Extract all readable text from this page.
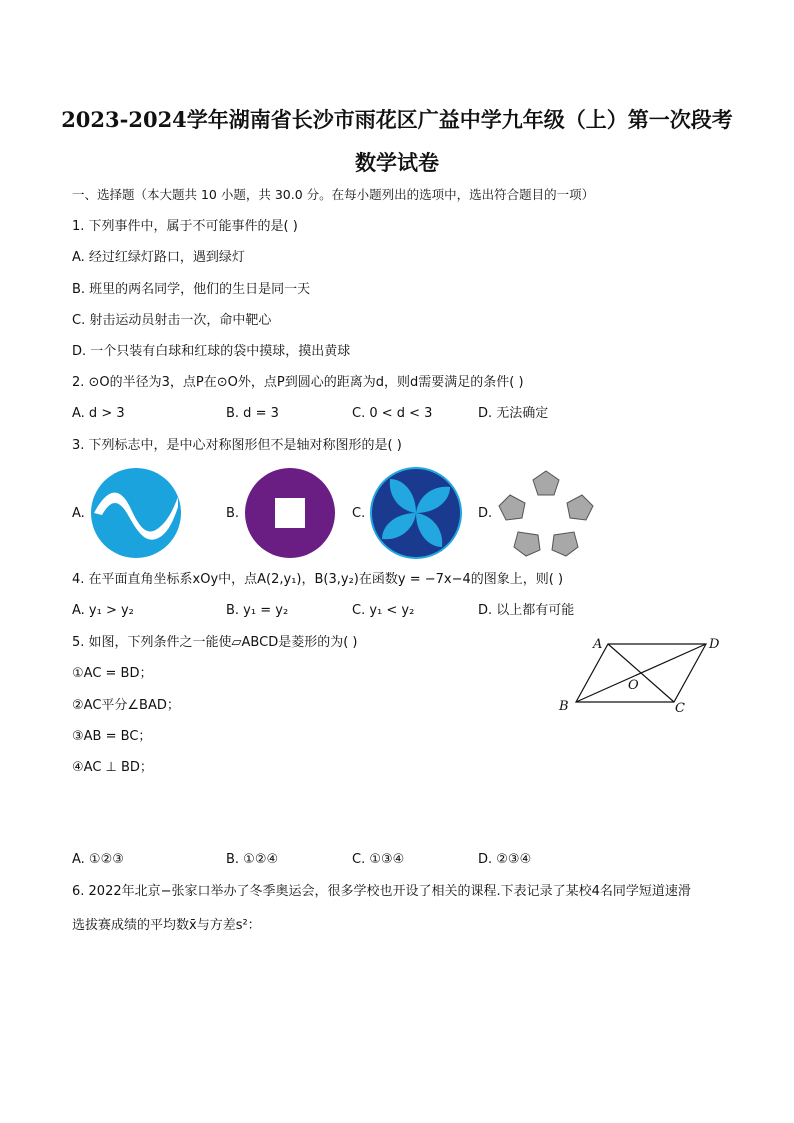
2023-2024学年湖南省长沙市雨花区广益中学九年级（上）第一次段考
数学试卷
一、选择题（本大题共 10 小题，共 30.0 分。在每小题列出的选项中，选出符合题目的一项）
1. 下列事件中，属于不可能事件的是( )
A. 经过红绿灯路口，遇到绿灯
B. 班里的两名同学，他们的生日是同一天
C. 射击运动员射击一次，命中靶心
D. 一个只装有白球和红球的袋中摸球，摸出黄球
2. ⊙O的半径为3，点P在⊙O外，点P到圆心的距离为d，则d需要满足的条件( )
A. d > 3	B. d = 3	C. 0 < d < 3	D. 无法确定
3. 下列标志中，是中心对称图形但不是轴对称图形的是( )
A.	B.	C.	D.
4. 在平面直角坐标系xOy中，点A(2,y₁)，B(3,y₂)在函数y = −7x−4的图象上，则( )
A. y₁ > y₂	B. y₁ = y₂	C. y₁ < y₂	D. 以上都有可能
5. 如图，下列条件之一能使▱ABCD是菱形的为( )
①AC = BD；
②AC平分∠BAD；
③AB = BC；
④AC ⊥ BD；
A	D
O
B	C
A. ①②③	B. ①②④	C. ①③④	D. ②③④
6. 2022年北京−张家口举办了冬季奥运会，很多学校也开设了相关的课程.下表记录了某校4名同学短道速滑
选拔赛成绩的平均数x̄与方差s²：
